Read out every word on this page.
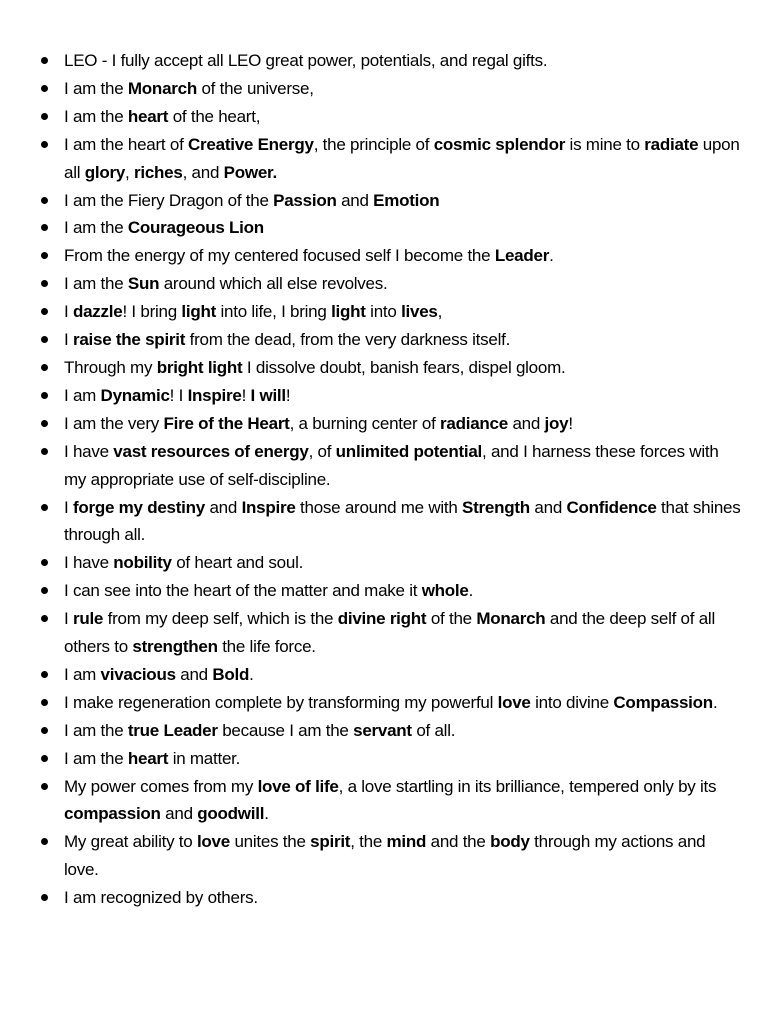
LEO - I fully accept all LEO great power, potentials, and regal gifts.
I am the Monarch of the universe,
I am the heart of the heart,
I am the heart of Creative Energy, the principle of cosmic splendor is mine to radiate upon all glory, riches, and Power.
I am the Fiery Dragon of the Passion and Emotion
I am the Courageous Lion
From the energy of my centered focused self I become the Leader.
I am the Sun around which all else revolves.
I dazzle! I bring light into life, I bring light into lives,
I raise the spirit from the dead, from the very darkness itself.
Through my bright light I dissolve doubt, banish fears, dispel gloom.
I am Dynamic! I Inspire! I will!
I am the very Fire of the Heart, a burning center of radiance and joy!
I have vast resources of energy, of unlimited potential, and I harness these forces with my appropriate use of self-discipline.
I forge my destiny and Inspire those around me with Strength and Confidence that shines through all.
I have nobility of heart and soul.
I can see into the heart of the matter and make it whole.
I rule from my deep self, which is the divine right of the Monarch and the deep self of all others to strengthen the life force.
I am vivacious and Bold.
I make regeneration complete by transforming my powerful love into divine Compassion.
I am the true Leader because I am the servant of all.
I am the heart in matter.
My power comes from my love of life, a love startling in its brilliance, tempered only by its compassion and goodwill.
My great ability to love unites the spirit, the mind and the body through my actions and love.
I am recognized by others.
